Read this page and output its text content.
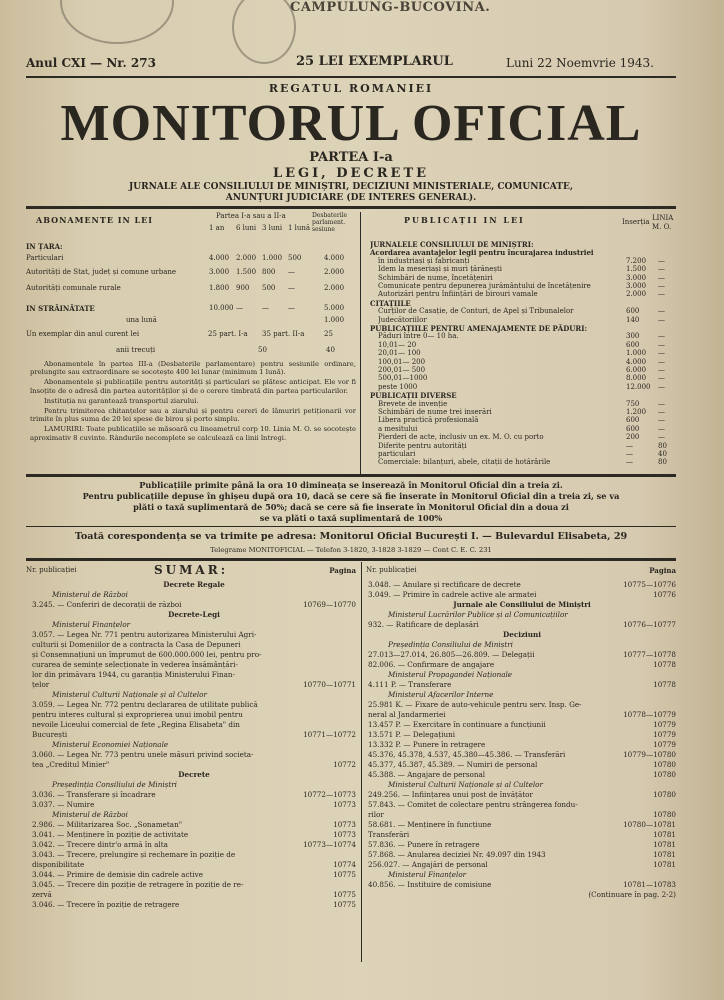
CAMPULUNG-BUCOVINA.
Anul CXI — Nr. 273	25 LEI EXEMPLARUL	Luni 22 Noemvrie 1943.
REGATUL ROMANIEI
MONITORUL OFICIAL
PARTEA I-a
LEGI, DECRETE
JURNALE ALE CONSILIULUI DE MINIȘTRI, DECIZIUNI MINISTERIALE, COMUNICATE,
ANUNȚURI JUDICIARE (DE INTERES GENERAL).
ABONAMENTE IN LEI	Partea I-a sau a II-a	Desbaterile parlament. sesiune
1 an 6 luni 3 luni 1 lună
IN ȚARA:
Particulari	4.000 2.000 1.000 500	4.000
Autorități de Stat, județ și comune urbane	3.000 1.500 800 —	2.000
Autorități comunale rurale	1.800 900 500 —	2.000
IN STRĂINĂTATE	10.000 —	—	—	5.000
una lună	1.000
Un exemplar din anul curent lei	25 part. I-a 35 part. II-a	25
anii trecuți	50	40
Abonamentele în partea III-a (Desbaterile parlamentare) pentru sesiunile ordinare, prelungite sau extraordinare se socotește 400 lei lunar (minimum 1 lună).
Abonamentele și publicațiile pentru autorități și particulari se plătesc anticipat. Ele vor fi însoțite de o adresă din partea autorităților și de o cerere timbrată din partea particularilor.
Instituția nu garantează transportul ziarului.
Pentru trimiterea chitanțelor sau a ziarului și pentru cereri de lămuriri petiționarii vor trimite în plus suma de 20 lei spese de birou și porto simplu.
LAMURIRI: Toate publicațiile se măsoară cu lineametrul corp 10. Linia M. O. se socotește aproximativ 8 cuvinte. Rândurile necomplete se calculează ca linii întregi.
PUBLICAȚII IN LEI	Inserția LINIA M. O.
JURNALELE CONSILIULUI DE MINIȘTRI:
Acordarea avantajelor legii pentru încurajarea industriei
în industriași și fabricanți	7.200 —
Idem la meseriași și muri țărănești	1.500 —
Schimbări de nume, încetățeniri	3.000 —
Comunicate pentru depunerea jurământului de încetățenire	3.000 —
Autorizări pentru înființări de birouri vamale	2.000 —
CITAȚIILE
Curților de Casație, de Conturi, de Apel și Tribunalelor	600	—
Judecătoriilor	140	—
PUBLICAȚIILE PENTRU AMENAJAMENTE DE PĂDURI:
Păduri între 0— 10 ha.	300	—
10,01— 20	600	—
20,01— 100	1.000 —
100,01— 200	4.000 —
200,01— 500	6.000 —
500,01—1000	8.000 —
peste 1000	12.000 —
PUBLICAȚII DIVERSE
Brevete de invenție	750	—
Schimbări de nume trei inserări	1.200 —
Libera practică profesională	600	—
a mesitului	600	—
Pierderi de acte, inclusiv un ex. M. O. cu porto	200	—
Diferite pentru autorități	—	80
particulari	—	40
Comerciale: bilanțuri, abele, citații de hotărârile	—	80
Publicațiile primite până la ora 10 dimineața se inserează în Monitorul Oficial din a treia zi.
Pentru publicațiile depuse în ghișeu după ora 10, dacă se cere să fie inserate în Monitorul Oficial din a treia zi, se va
plăti o taxă suplimentară de 50%; dacă se cere să fie inserate în Monitorul Oficial din a doua zi
se va plăti o taxă suplimentară de 100%
Toată corespondența se va trimite pe adresa: Monitorul Oficial București I. — Bulevardul Elisabeta, 29
Telegrame MONITOFICIAL — Telefon 3-1820, 3-1828 3-1829 — Cont C. E. C. 231
Nr. publicației	SUMAR:	Pagina Nr. publicației	Pagina
Decrete Regale
Ministerul de Război
3.245. — Conferiri de decorații de război	10769—10770
Decrete-Legi
Ministerul Finanțelor
3.057. — Legea Nr. 771 pentru autorizarea Ministerului Agri-
culturii și Domeniilor de a contracta la Casa de Depuneri
și Consemnațiuni un împrumut de 600.000.000 lei, pentru pro-
curarea de semințe selecționate în vederea însămânțări-
lor din primăvara 1944, cu garanția Ministerului Finan-
țelor	10770—10771
Ministerul Culturii Naționale și al Cultelor
3.059. — Legea Nr. 772 pentru declararea de utilitate publică
pentru interes cultural și exproprierea unui imobil pentru
nevoile Liceului comercial de fete „Regina Elisabeta" din
București	10771—10772
Ministerul Economiei Naționale
3.060. — Legea Nr. 773 pentru unele măsuri privind societa-
tea „Creditul Minier"	10772
Decrete
Președinția Consiliului de Miniștri
3.036. — Transferare și încadrare	10772—10773
3.037. — Numire	10773
Ministerul de Război
2.986. — Militarizarea Soc. „Sonametan"	10773
3.041. — Menținere în poziție de activitate	10773
3.042. — Trecere dintr'o armă în alta	10773—10774
3.043. — Trecere, prelungire și rechemare în poziție de
disponibilitate	10774
3.044. — Primire de demisie din cadrele active	10775
3.045. — Trecere din poziție de retragere în poziție de re-
zervă	10775
3.046. — Trecere în poziție de retragere	10775
3.048. — Anulare și rectificare de decrete	10775—10776
3.049. — Primire în cadrele active ale armatei	10776
Jurnale ale Consiliului de Miniștri
Ministerul Lucrărilor Publice și al Comunicațiilor
932. — Ratificare de deplasări	10776—10777
Deciziuni
Președinția Consiliului de Miniștri
27.013—27.014, 26.805—26.809. — Delegații	10777—10778
82.006. — Confirmare de angajare	10778
Ministerul Propagandei Naționale
4.111 P. — Transferare	10778
Ministerul Afacerilor Interne
25.981 K. — Fixare de auto-vehicule pentru serv. Insp. Ge-
neral al Jandarmeriei	10778—10779
13.457 P. — Exercitare în continuare a funcțiunii	10779
13.571 P. — Delegațiuni	10779
13.332 P. — Punere în retragere	10779
45.376, 45.378, 4.537, 45.380—45.386. — Transferări	10779—10780
45.377, 45.387, 45.389. — Numiri de personal	10780
45.388. — Angajare de personal	10780
Ministerul Culturii Naționale și al Cultelor
249.256. — Inființarea unui post de învățător	10780
57.843. — Comitet de colectare pentru strângerea fondu-
rilor	10780
58.681. — Menținere în funcțiune	10780—10781
Transferări	10781
57.836. — Punere în retragere	10781
57.868. — Anularea deciziei Nr. 49.097 din 1943	10781
256.027. — Angajări de personal	10781
Ministerul Finanțelor
40.856. — Instituire de comisiune	10781—10783
(Continuare în pag. 2-2)
